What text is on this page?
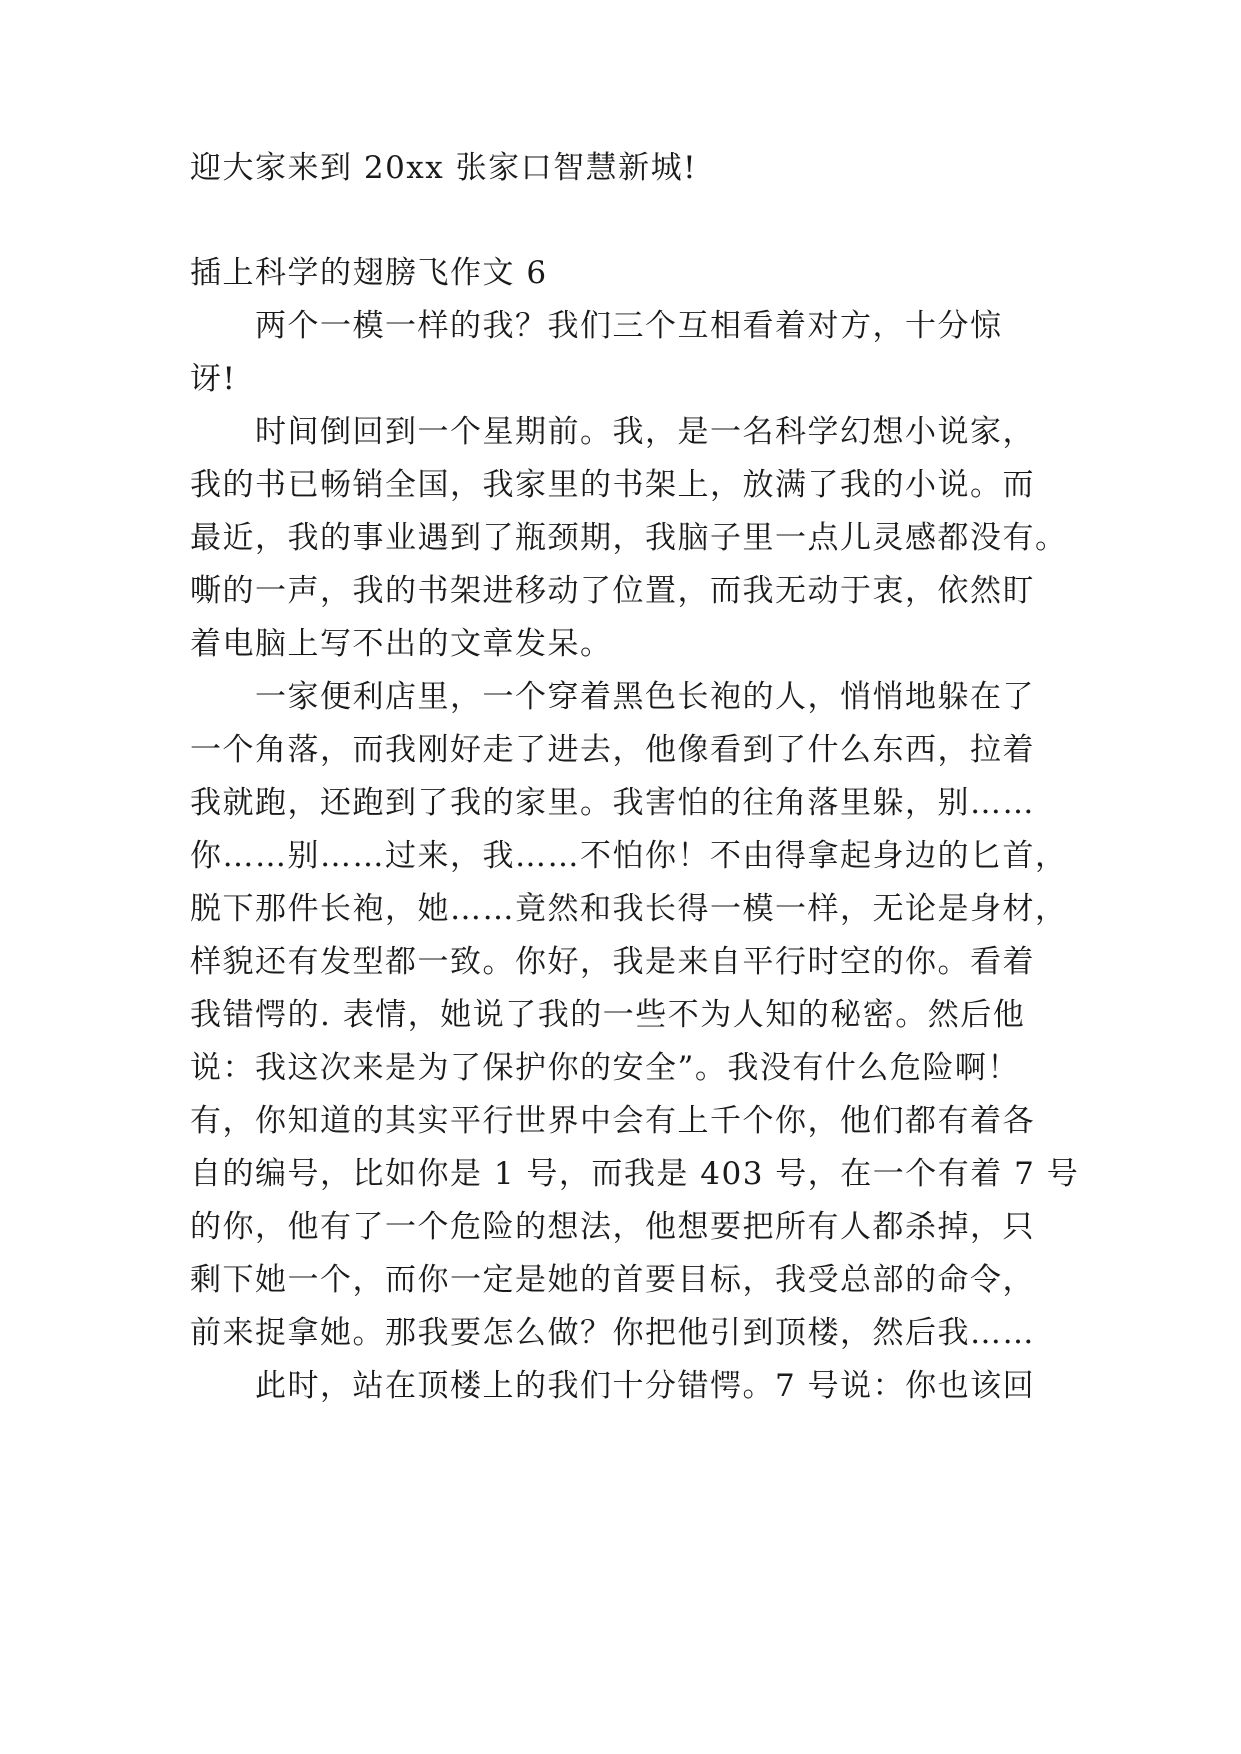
迎大家来到 20xx 张家口智慧新城!
插上科学的翅膀飞作文 6
两个一模一样的我？我们三个互相看着对方，十分惊
讶!
时间倒回到一个星期前。我，是一名科学幻想小说家，
我的书已畅销全国，我家里的书架上，放满了我的小说。而
最近，我的事业遇到了瓶颈期，我脑子里一点儿灵感都没有。
嘶的一声，我的书架进移动了位置，而我无动于衷，依然盯
着电脑上写不出的文章发呆。
一家便利店里，一个穿着黑色长袍的人，悄悄地躲在了
一个角落，而我刚好走了进去，他像看到了什么东西，拉着
我就跑，还跑到了我的家里。我害怕的往角落里躲，别……
你……别……过来，我……不怕你！不由得拿起身边的匕首，
脱下那件长袍，她……竟然和我长得一模一样，无论是身材，
样貌还有发型都一致。你好，我是来自平行时空的你。看着
我错愕的. 表情，她说了我的一些不为人知的秘密。然后他
说：我这次来是为了保护你的安全”。我没有什么危险啊！
有，你知道的其实平行世界中会有上千个你，他们都有着各
自的编号，比如你是 1 号，而我是 403 号，在一个有着 7 号
的你，他有了一个危险的想法，他想要把所有人都杀掉，只
剩下她一个，而你一定是她的首要目标，我受总部的命令，
前来捉拿她。那我要怎么做？你把他引到顶楼，然后我……
此时，站在顶楼上的我们十分错愕。7 号说：你也该回
